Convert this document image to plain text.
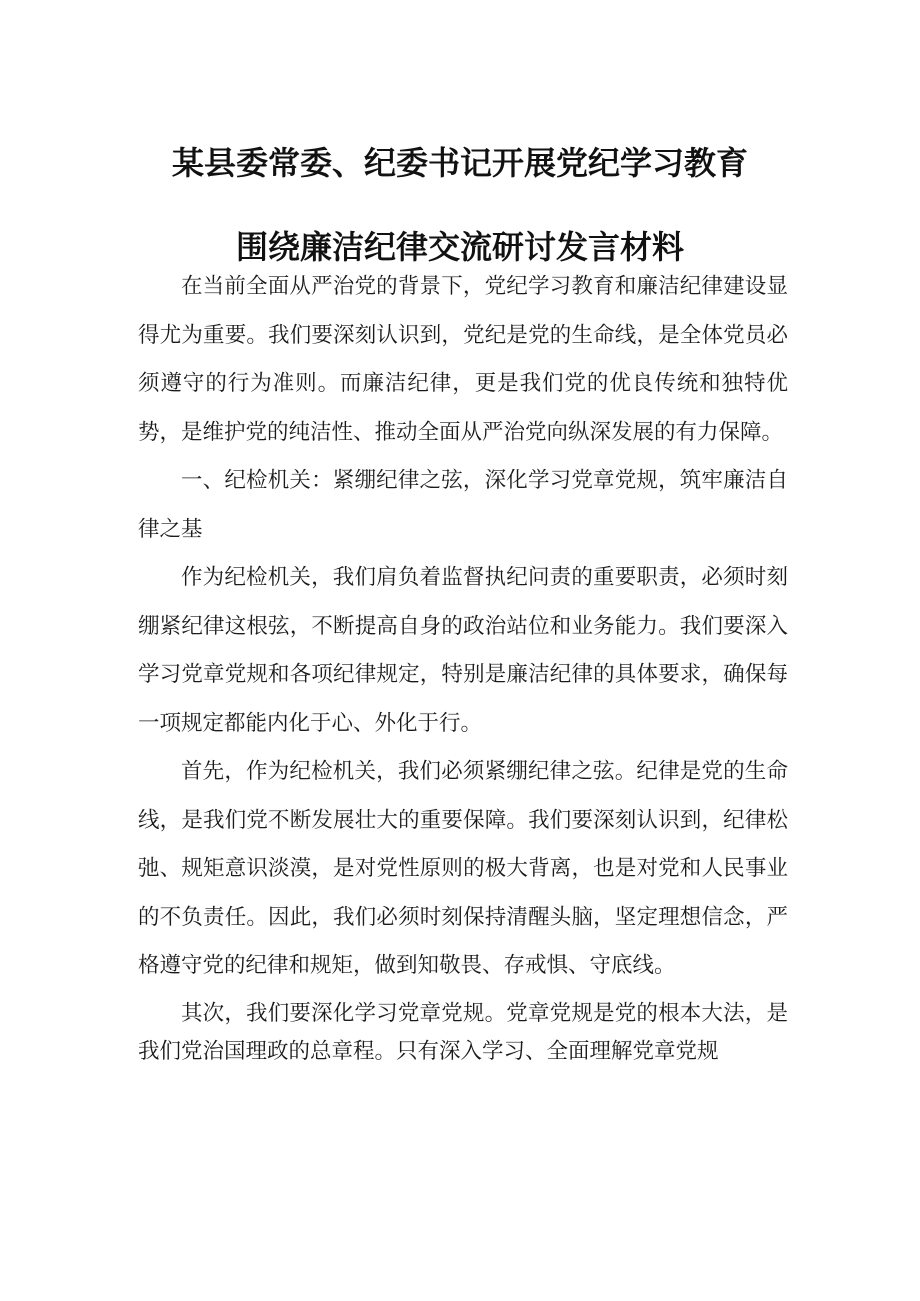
某县委常委、纪委书记开展党纪学习教育
围绕廉洁纪律交流研讨发言材料

在当前全面从严治党的背景下，党纪学习教育和廉洁纪律建设显得尤为重要。我们要深刻认识到，党纪是党的生命线，是全体党员必须遵守的行为准则。而廉洁纪律，更是我们党的优良传统和独特优势，是维护党的纯洁性、推动全面从严治党向纵深发展的有力保障。

一、纪检机关：紧绷纪律之弦，深化学习党章党规，筑牢廉洁自律之基

作为纪检机关，我们肩负着监督执纪问责的重要职责，必须时刻绷紧纪律这根弦，不断提高自身的政治站位和业务能力。我们要深入学习党章党规和各项纪律规定，特别是廉洁纪律的具体要求，确保每一项规定都能内化于心、外化于行。

首先，作为纪检机关，我们必须紧绷纪律之弦。纪律是党的生命线，是我们党不断发展壮大的重要保障。我们要深刻认识到，纪律松弛、规矩意识淡漠，是对党性原则的极大背离，也是对党和人民事业的不负责任。因此，我们必须时刻保持清醒头脑，坚定理想信念，严格遵守党的纪律和规矩，做到知敬畏、存戒惧、守底线。

其次，我们要深化学习党章党规。党章党规是党的根本大法，是我们党治国理政的总章程。只有深入学习、全面理解党章党规
